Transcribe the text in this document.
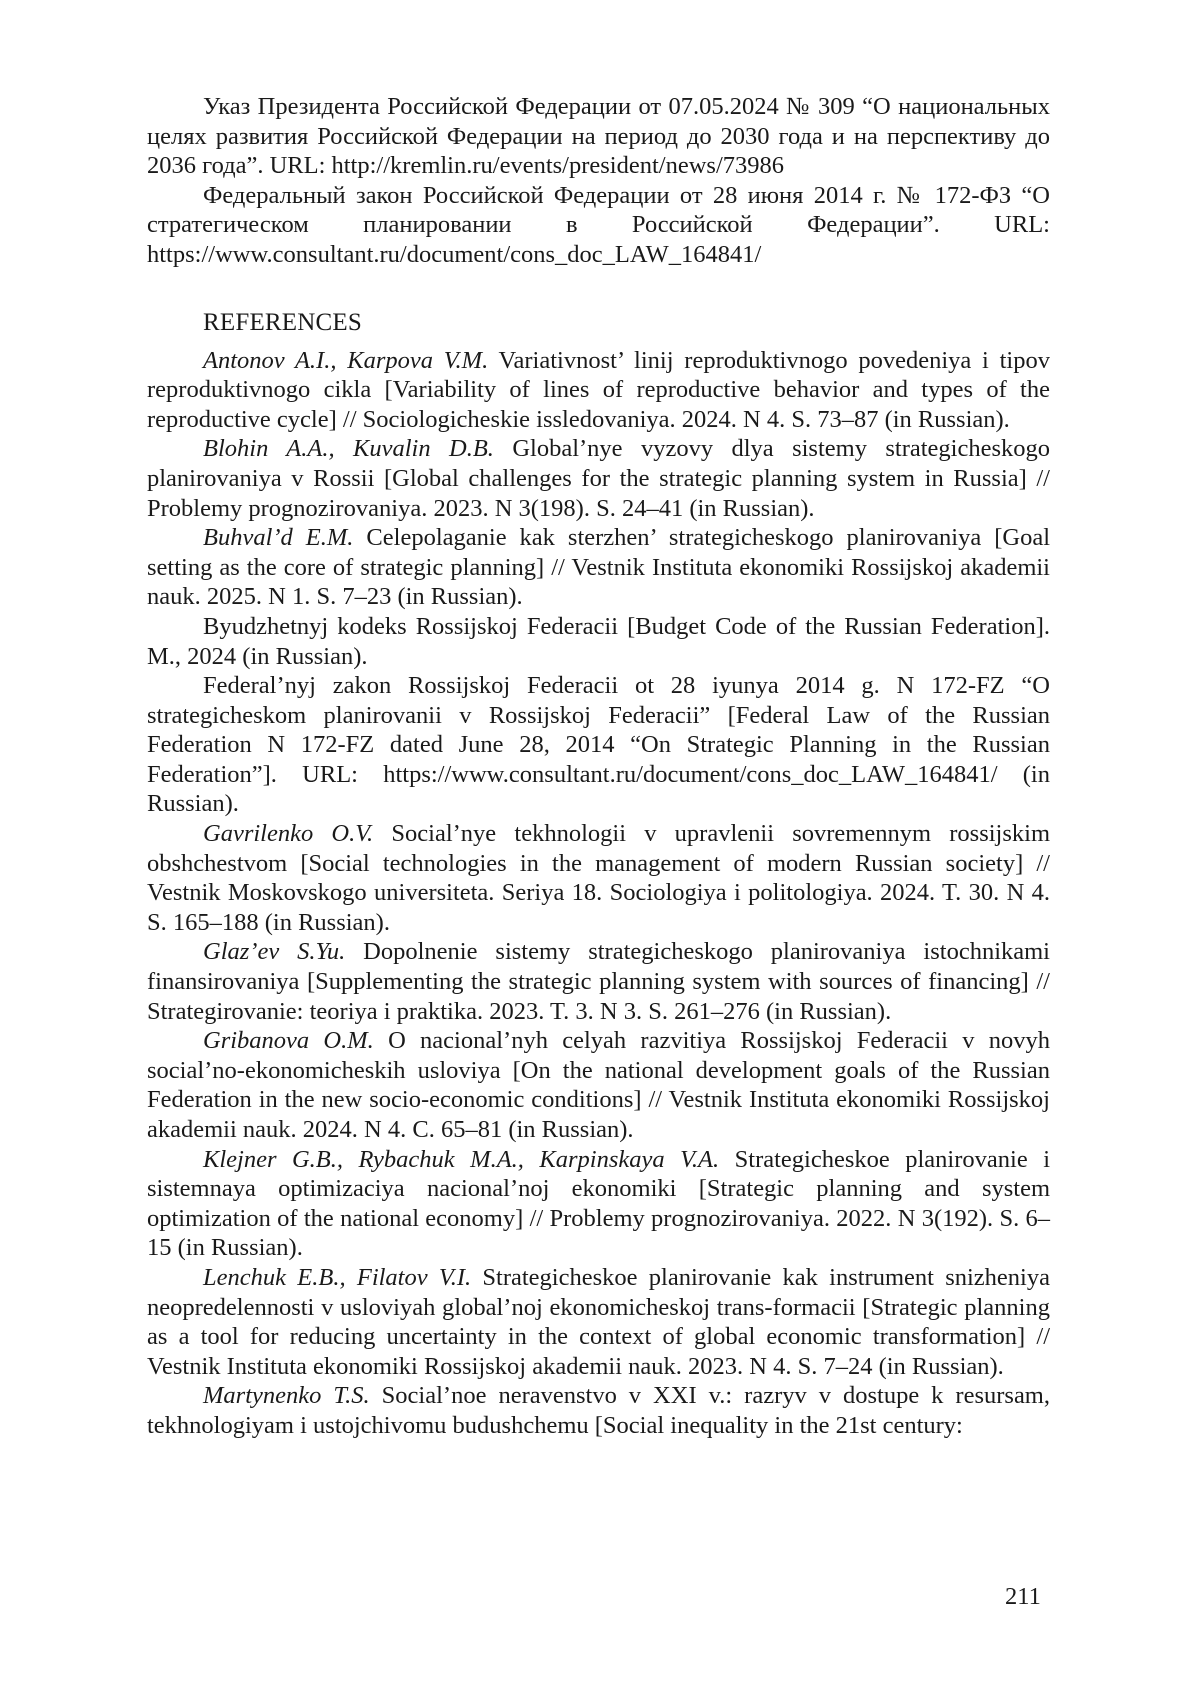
Указ Президента Российской Федерации от 07.05.2024 № 309 “О национальных целях развития Российской Федерации на период до 2030 года и на перспективу до 2036 года”. URL: http://kremlin.ru/events/president/news/73986

Федеральный закон Российской Федерации от 28 июня 2014 г. № 172-ФЗ “О стратегическом планировании в Российской Федерации”. URL: https://www.consultant.ru/document/cons_doc_LAW_164841/

REFERENCES

Antonov A.I., Karpova V.M. Variativnost’ linij reproduktivnogo povedeniya i tipov reproduktivnogo cikla [Variability of lines of reproductive behavior and types of the reproductive cycle] // Sociologicheskie issledovaniya. 2024. N 4. S. 73–87 (in Russian).

Blohin A.A., Kuvalin D.B. Global’nye vyzovy dlya sistemy strategicheskogo planirovaniya v Rossii [Global challenges for the strategic planning system in Russia] // Problemy prognozirovaniya. 2023. N 3(198). S. 24–41 (in Russian).

Buhval’d E.M. Celepolaganie kak sterzhen’ strategicheskogo planirovaniya [Goal setting as the core of strategic planning] // Vestnik Instituta ekonomiki Rossijskoj akademii nauk. 2025. N 1. S. 7–23 (in Russian).

Byudzhetnyj kodeks Rossijskoj Federacii [Budget Code of the Russian Federation]. M., 2024 (in Russian).

Federal’nyj zakon Rossijskoj Federacii ot 28 iyunya 2014 g. N 172-FZ “O strategicheskom planirovanii v Rossijskoj Federacii” [Federal Law of the Russian Federation N 172-FZ dated June 28, 2014 “On Strategic Planning in the Russian Federation”]. URL: https://www.consultant.ru/document/cons_doc_LAW_164841/ (in Russian).

Gavrilenko O.V. Social’nye tekhnologii v upravlenii sovremennym rossijskim obshchestvom [Social technologies in the management of modern Russian society] // Vestnik Moskovskogo universiteta. Seriya 18. Sociologiya i politologiya. 2024. T. 30. N 4. S. 165–188 (in Russian).

Glaz’ev S.Yu. Dopolnenie sistemy strategicheskogo planirovaniya istochnikami finansirovaniya [Supplementing the strategic planning system with sources of financing] // Strategirovanie: teoriya i praktika. 2023. T. 3. N 3. S. 261–276 (in Russian).

Gribanova O.M. O nacional’nyh celyah razvitiya Rossijskoj Federacii v novyh social’no-ekonomicheskih usloviya [On the national development goals of the Russian Federation in the new socio-economic conditions] // Vestnik Instituta ekonomiki Rossijskoj akademii nauk. 2024. N 4. C. 65–81 (in Russian).

Klejner G.B., Rybachuk M.A., Karpinskaya V.A. Strategicheskoe planirovanie i sistemnaya optimizaciya nacional’noj ekonomiki [Strategic planning and system optimization of the national economy] // Problemy prognozirovaniya. 2022. N 3(192). S. 6–15 (in Russian).

Lenchuk E.B., Filatov V.I. Strategicheskoe planirovanie kak instrument snizheniya neopredelennosti v usloviyah global’noj ekonomicheskoj trans-formacii [Strategic planning as a tool for reducing uncertainty in the context of global economic transformation] // Vestnik Instituta ekonomiki Rossijskoj akademii nauk. 2023. N 4. S. 7–24 (in Russian).

Martynenko T.S. Social’noe neravenstvo v XXI v.: razryv v dostupe k resursam, tekhnologiyam i ustojchivomu budushchemu [Social inequality in the 21st century:

211
